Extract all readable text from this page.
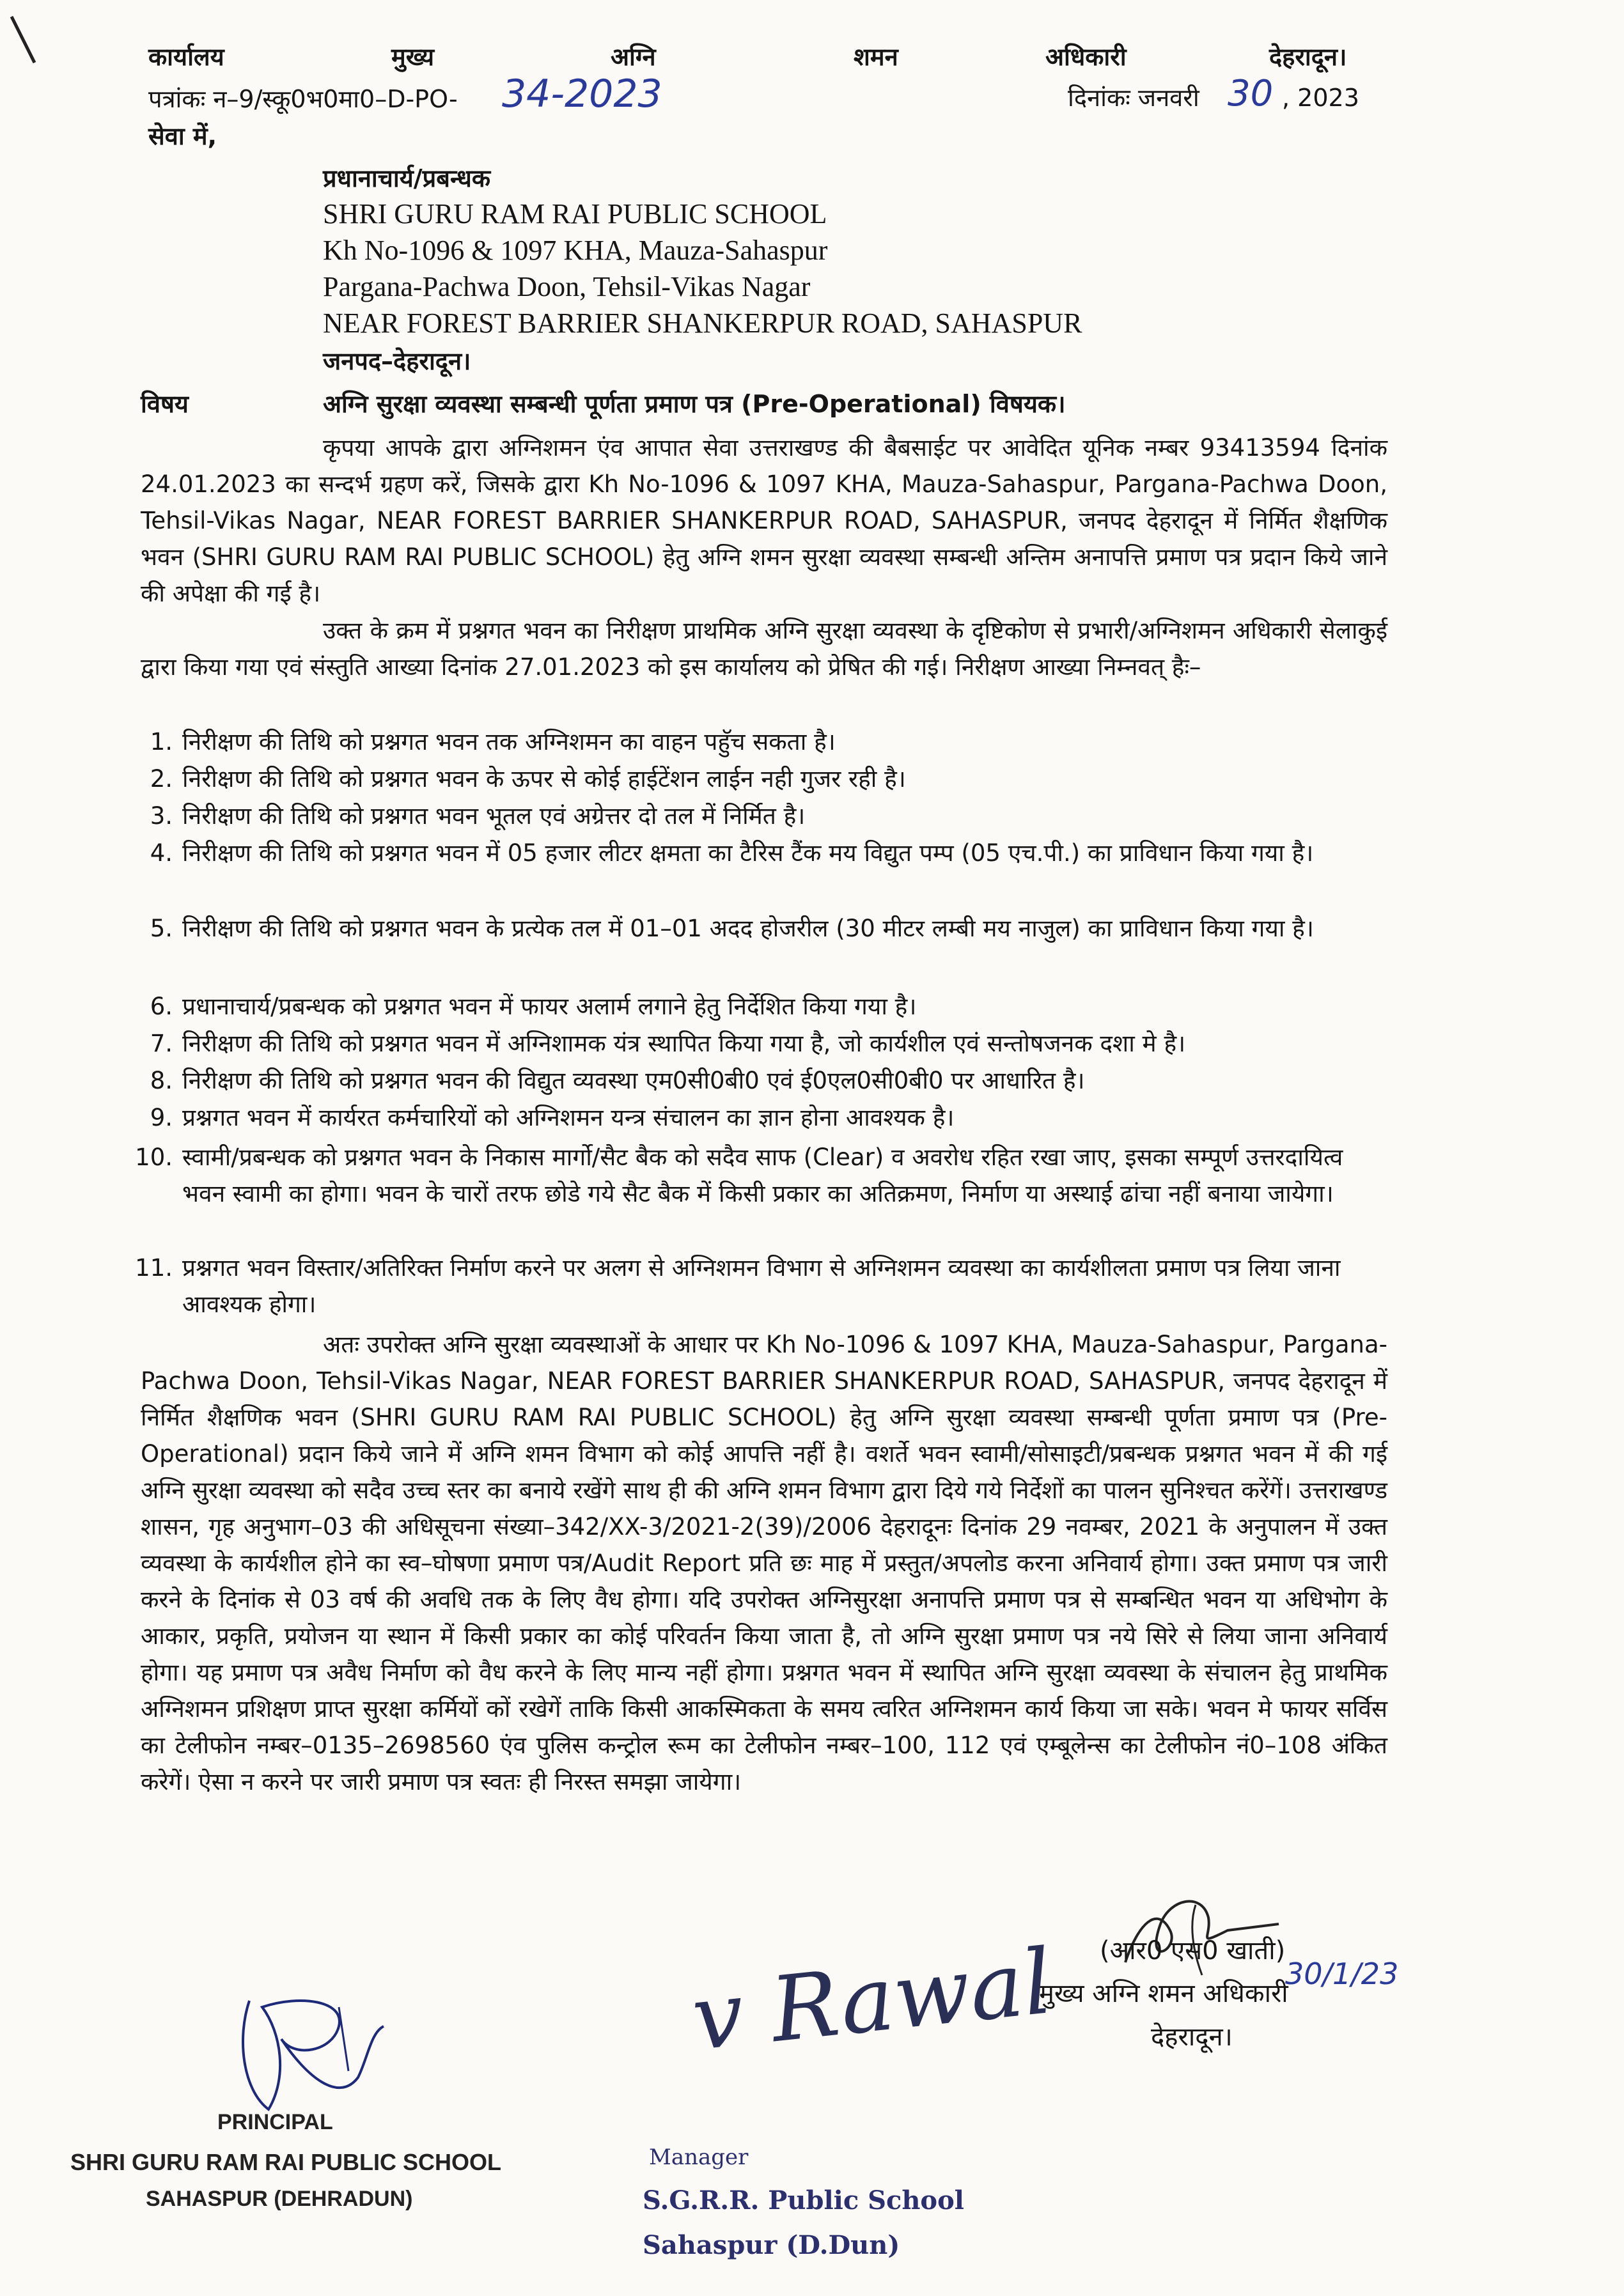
कार्यालय	मुख्य	अग्नि	शमन	अधिकारी	देहरादून।
पत्रांकः न–9/स्कू0भ0मा0–D-PO- 34-2023	दिनांकः जनवरी 30 , 2023
सेवा में,
प्रधानाचार्य/प्रबन्धक
SHRI GURU RAM RAI PUBLIC SCHOOL
Kh No-1096 & 1097 KHA, Mauza-Sahaspur
Pargana-Pachwa Doon, Tehsil-Vikas Nagar
NEAR FOREST BARRIER SHANKERPUR ROAD, SAHASPUR
जनपद–देहरादून।
विषय	अग्नि सुरक्षा व्यवस्था सम्बन्धी पूर्णता प्रमाण पत्र (Pre-Operational) विषयक।
कृपया आपके द्वारा अग्निशमन एंव आपात सेवा उत्तराखण्ड की बैबसाईट पर आवेदित यूनिक नम्बर 93413594 दिनांक 24.01.2023 का सन्दर्भ ग्रहण करें, जिसके द्वारा Kh No-1096 & 1097 KHA, Mauza-Sahaspur, Pargana-Pachwa Doon, Tehsil-Vikas Nagar, NEAR FOREST BARRIER SHANKERPUR ROAD, SAHASPUR, जनपद देहरादून में निर्मित शैक्षणिक भवन (SHRI GURU RAM RAI PUBLIC SCHOOL) हेतु अग्नि शमन सुरक्षा व्यवस्था सम्बन्धी अन्तिम अनापत्ति प्रमाण पत्र प्रदान किये जाने की अपेक्षा की गई है।
उक्त के क्रम में प्रश्नगत भवन का निरीक्षण प्राथमिक अग्नि सुरक्षा व्यवस्था के दृष्टिकोण से प्रभारी/अग्निशमन अधिकारी सेलाकुई द्वारा किया गया एवं संस्तुति आख्या दिनांक 27.01.2023 को इस कार्यालय को प्रेषित की गई। निरीक्षण आख्या निम्नवत् हैः–
1. निरीक्षण की तिथि को प्रश्नगत भवन तक अग्निशमन का वाहन पहुॅच सकता है।
2. निरीक्षण की तिथि को प्रश्नगत भवन के ऊपर से कोई हाईटेंशन लाईन नही गुजर रही है।
3. निरीक्षण की तिथि को प्रश्नगत भवन भूतल एवं अग्रेत्तर दो तल में निर्मित है।
4. निरीक्षण की तिथि को प्रश्नगत भवन में 05 हजार लीटर क्षमता का टैरिस टैंक मय विद्युत पम्प (05 एच.पी.) का प्राविधान किया गया है।
5. निरीक्षण की तिथि को प्रश्नगत भवन के प्रत्येक तल में 01–01 अदद होजरील (30 मीटर लम्बी मय नाजुल) का प्राविधान किया गया है।
6. प्रधानाचार्य/प्रबन्धक को प्रश्नगत भवन में फायर अलार्म लगाने हेतु निर्देशित किया गया है।
7. निरीक्षण की तिथि को प्रश्नगत भवन में अग्निशामक यंत्र स्थापित किया गया है, जो कार्यशील एवं सन्तोषजनक दशा मे है।
8. निरीक्षण की तिथि को प्रश्नगत भवन की विद्युत व्यवस्था एम0सी0बी0 एवं ई0एल0सी0बी0 पर आधारित है।
9. प्रश्नगत भवन में कार्यरत कर्मचारियों को अग्निशमन यन्त्र संचालन का ज्ञान होना आवश्यक है।
10. स्वामी/प्रबन्धक को प्रश्नगत भवन के निकास मार्गो/सैट बैक को सदैव साफ (Clear) व अवरोध रहित रखा जाए, इसका सम्पूर्ण उत्तरदायित्व भवन स्वामी का होगा। भवन के चारों तरफ छोडे गये सैट बैक में किसी प्रकार का अतिक्रमण, निर्माण या अस्थाई ढांचा नहीं बनाया जायेगा।
11. प्रश्नगत भवन विस्तार/अतिरिक्त निर्माण करने पर अलग से अग्निशमन विभाग से अग्निशमन व्यवस्था का कार्यशीलता प्रमाण पत्र लिया जाना आवश्यक होगा।
अतः उपरोक्त अग्नि सुरक्षा व्यवस्थाओं के आधार पर Kh No-1096 & 1097 KHA, Mauza-Sahaspur, Pargana-Pachwa Doon, Tehsil-Vikas Nagar, NEAR FOREST BARRIER SHANKERPUR ROAD, SAHASPUR, जनपद देहरादून में निर्मित शैक्षणिक भवन (SHRI GURU RAM RAI PUBLIC SCHOOL) हेतु अग्नि सुरक्षा व्यवस्था सम्बन्धी पूर्णता प्रमाण पत्र (Pre-Operational) प्रदान किये जाने में अग्नि शमन विभाग को कोई आपत्ति नहीं है। वशर्ते भवन स्वामी/सोसाइटी/प्रबन्धक प्रश्नगत भवन में की गई अग्नि सुरक्षा व्यवस्था को सदैव उच्च स्तर का बनाये रखेंगे साथ ही की अग्नि शमन विभाग द्वारा दिये गये निर्देशों का पालन सुनिश्चत करेंगें। उत्तराखण्ड शासन, गृह अनुभाग–03 की अधिसूचना संख्या–342/XX-3/2021-2(39)/2006 देहरादूनः दिनांक 29 नवम्बर, 2021 के अनुपालन में उक्त व्यवस्था के कार्यशील होने का स्व–घोषणा प्रमाण पत्र/Audit Report प्रति छः माह में प्रस्तुत/अपलोड करना अनिवार्य होगा। उक्त प्रमाण पत्र जारी करने के दिनांक से 03 वर्ष की अवधि तक के लिए वैध होगा। यदि उपरोक्त अग्निसुरक्षा अनापत्ति प्रमाण पत्र से सम्बन्धित भवन या अधिभोग के आकार, प्रकृति, प्रयोजन या स्थान में किसी प्रकार का कोई परिवर्तन किया जाता है, तो अग्नि सुरक्षा प्रमाण पत्र नये सिरे से लिया जाना अनिवार्य होगा। यह प्रमाण पत्र अवैध निर्माण को वैध करने के लिए मान्य नहीं होगा। प्रश्नगत भवन में स्थापित अग्नि सुरक्षा व्यवस्था के संचालन हेतु प्राथमिक अग्निशमन प्रशिक्षण प्राप्त सुरक्षा कर्मियों कों रखेगें ताकि किसी आकस्मिकता के समय त्वरित अग्निशमन कार्य किया जा सके। भवन मे फायर सर्विस का टेलीफोन नम्बर–0135–2698560 एंव पुलिस कन्ट्रोल रूम का टेलीफोन नम्बर–100, 112 एवं एम्बूलेन्स का टेलीफोन नं0–108 अंकित करेगें। ऐसा न करने पर जारी प्रमाण पत्र स्वतः ही निरस्त समझा जायेगा।
(आर0 एस0 खाती)
मुख्य अग्नि शमन अधिकारी
30/1/23
देहरादून।
v Rawal
PRINCIPAL
SHRI GURU RAM RAI PUBLIC SCHOOL
SAHASPUR (DEHRADUN)
Manager
S.G.R.R. Public School
Sahaspur (D.Dun)
